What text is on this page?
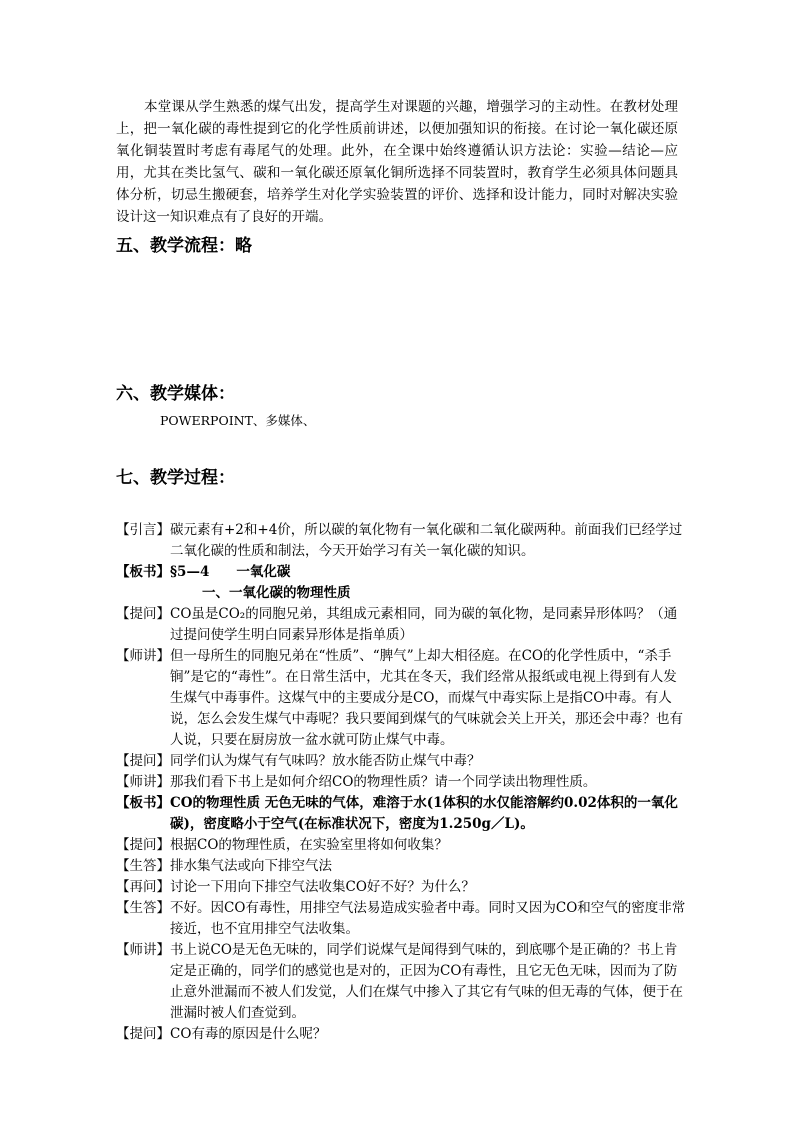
本堂课从学生熟悉的煤气出发，提高学生对课题的兴趣，增强学习的主动性。在教材处理上，把一氧化碳的毒性提到它的化学性质前讲述，以便加强知识的衔接。在讨论一氧化碳还原氧化铜装置时考虑有毒尾气的处理。此外，在全课中始终遵循认识方法论：实验—结论—应用，尤其在类比氢气、碳和一氧化碳还原氧化铜所选择不同装置时，教育学生必须具体问题具体分析，切忌生搬硬套，培养学生对化学实验装置的评价、选择和设计能力，同时对解决实验设计这一知识难点有了良好的开端。
五、教学流程：略
六、教学媒体：
POWERPOINT、多媒体、
七、教学过程：
【引言】 碳元素有+2和+4价，所以碳的氧化物有一氧化碳和二氧化碳两种。前面我们已经学过二氧化碳的性质和制法，今天开始学习有关一氧化碳的知识。
【板书】 §5—4　　一氧化碳
一、一氧化碳的物理性质
【提问】 CO虽是CO₂的同胞兄弟，其组成元素相同，同为碳的氧化物，是同素异形体吗？（通过提问使学生明白同素异形体是指单质）
【师讲】 但一母所生的同胞兄弟在“性质”、“脾气”上却大相径庭。在CO的化学性质中，“杀手锏”是它的“毒性”。在日常生活中，尤其在冬天，我们经常从报纸或电视上得到有人发生煤气中毒事件。这煤气中的主要成分是CO，而煤气中毒实际上是指CO中毒。有人说，怎么会发生煤气中毒呢？我只要闻到煤气的气味就会关上开关，那还会中毒？也有人说，只要在厨房放一盆水就可防止煤气中毒。
【提问】 同学们认为煤气有气味吗？放水能否防止煤气中毒？
【师讲】 那我们看下书上是如何介绍CO的物理性质？请一个同学读出物理性质。
【板书】 CO的物理性质 无色无味的气体，难溶于水(1体积的水仅能溶解约0.02体积的一氧化碳)，密度略小于空气(在标准状况下，密度为1.250g／L)。
【提问】 根据CO的物理性质，在实验室里将如何收集？
【生答】 排水集气法或向下排空气法
【再问】 讨论一下用向下排空气法收集CO好不好？为什么？
【生答】 不好。因CO有毒性，用排空气法易造成实验者中毒。同时又因为CO和空气的密度非常接近，也不宜用排空气法收集。
【师讲】 书上说CO是无色无味的，同学们说煤气是闻得到气味的，到底哪个是正确的？书上肯定是正确的，同学们的感觉也是对的，正因为CO有毒性，且它无色无味，因而为了防止意外泄漏而不被人们发觉，人们在煤气中掺入了其它有气味的但无毒的气体，便于在泄漏时被人们查觉到。
【提问】 CO有毒的原因是什么呢？
